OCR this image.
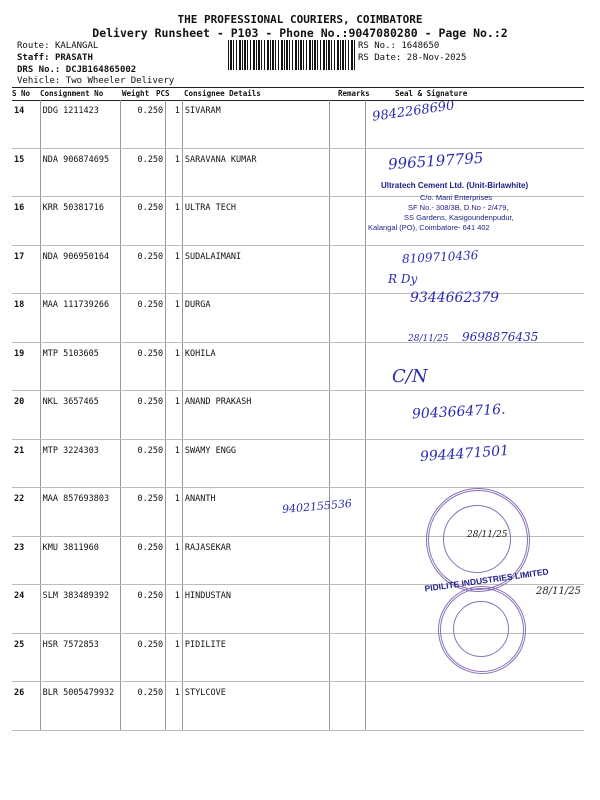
THE PROFESSIONAL COURIERS, COIMBATORE
Delivery Runsheet - P103 - Phone No.:9047080280 - Page No.:2
Route: KALANGAL
Staff: PRASATH
DRS No.: DCJB164865002
Vehicle: Two Wheeler Delivery
RS No.: 1648650
RS Date: 28-Nov-2025
S No Consignment No	Weight PCS Consignee Details	Remarks	Seal & Signature
14	DDG 1211423	0.250	1	SIVARAM		
15	NDA 906874695	0.250	1	SARAVANA KUMAR		
16	KRR 50381716	0.250	1	ULTRA TECH		
17	NDA 906950164	0.250	1	SUDALAIMANI		
18	MAA 111739266	0.250	1	DURGA		
19	MTP 5103605	0.250	1	KOHILA		
20	NKL 3657465	0.250	1	ANAND PRAKASH		
21	MTP 3224303	0.250	1	SWAMY ENGG		
22	MAA 857693803	0.250	1	ANANTH		
23	KMU 3811960	0.250	1	RAJASEKAR		
24	SLM 383489392	0.250	1	HINDUSTAN		
25	HSR 7572853	0.250	1	PIDILITE		
26	BLR 5005479932	0.250	1	STYLCOVE		
9842268690
9965197795
Ultratech Cement Ltd. (Unit-Birlawhite)
C/o. Mani Enterprises
SF No.- 308/3B, D.No - 2/479,
SS Gardens, Kasigoundenpudur,
Kalangal (PO), Coimbatore- 641 402
8109710436
R Dy
9344662379
28/11/25 9698876435
C/N
9043664716.
9944471501
9402155536
28/11/25
28/11/25
PIDILITE INDUSTRIES LIMITED
